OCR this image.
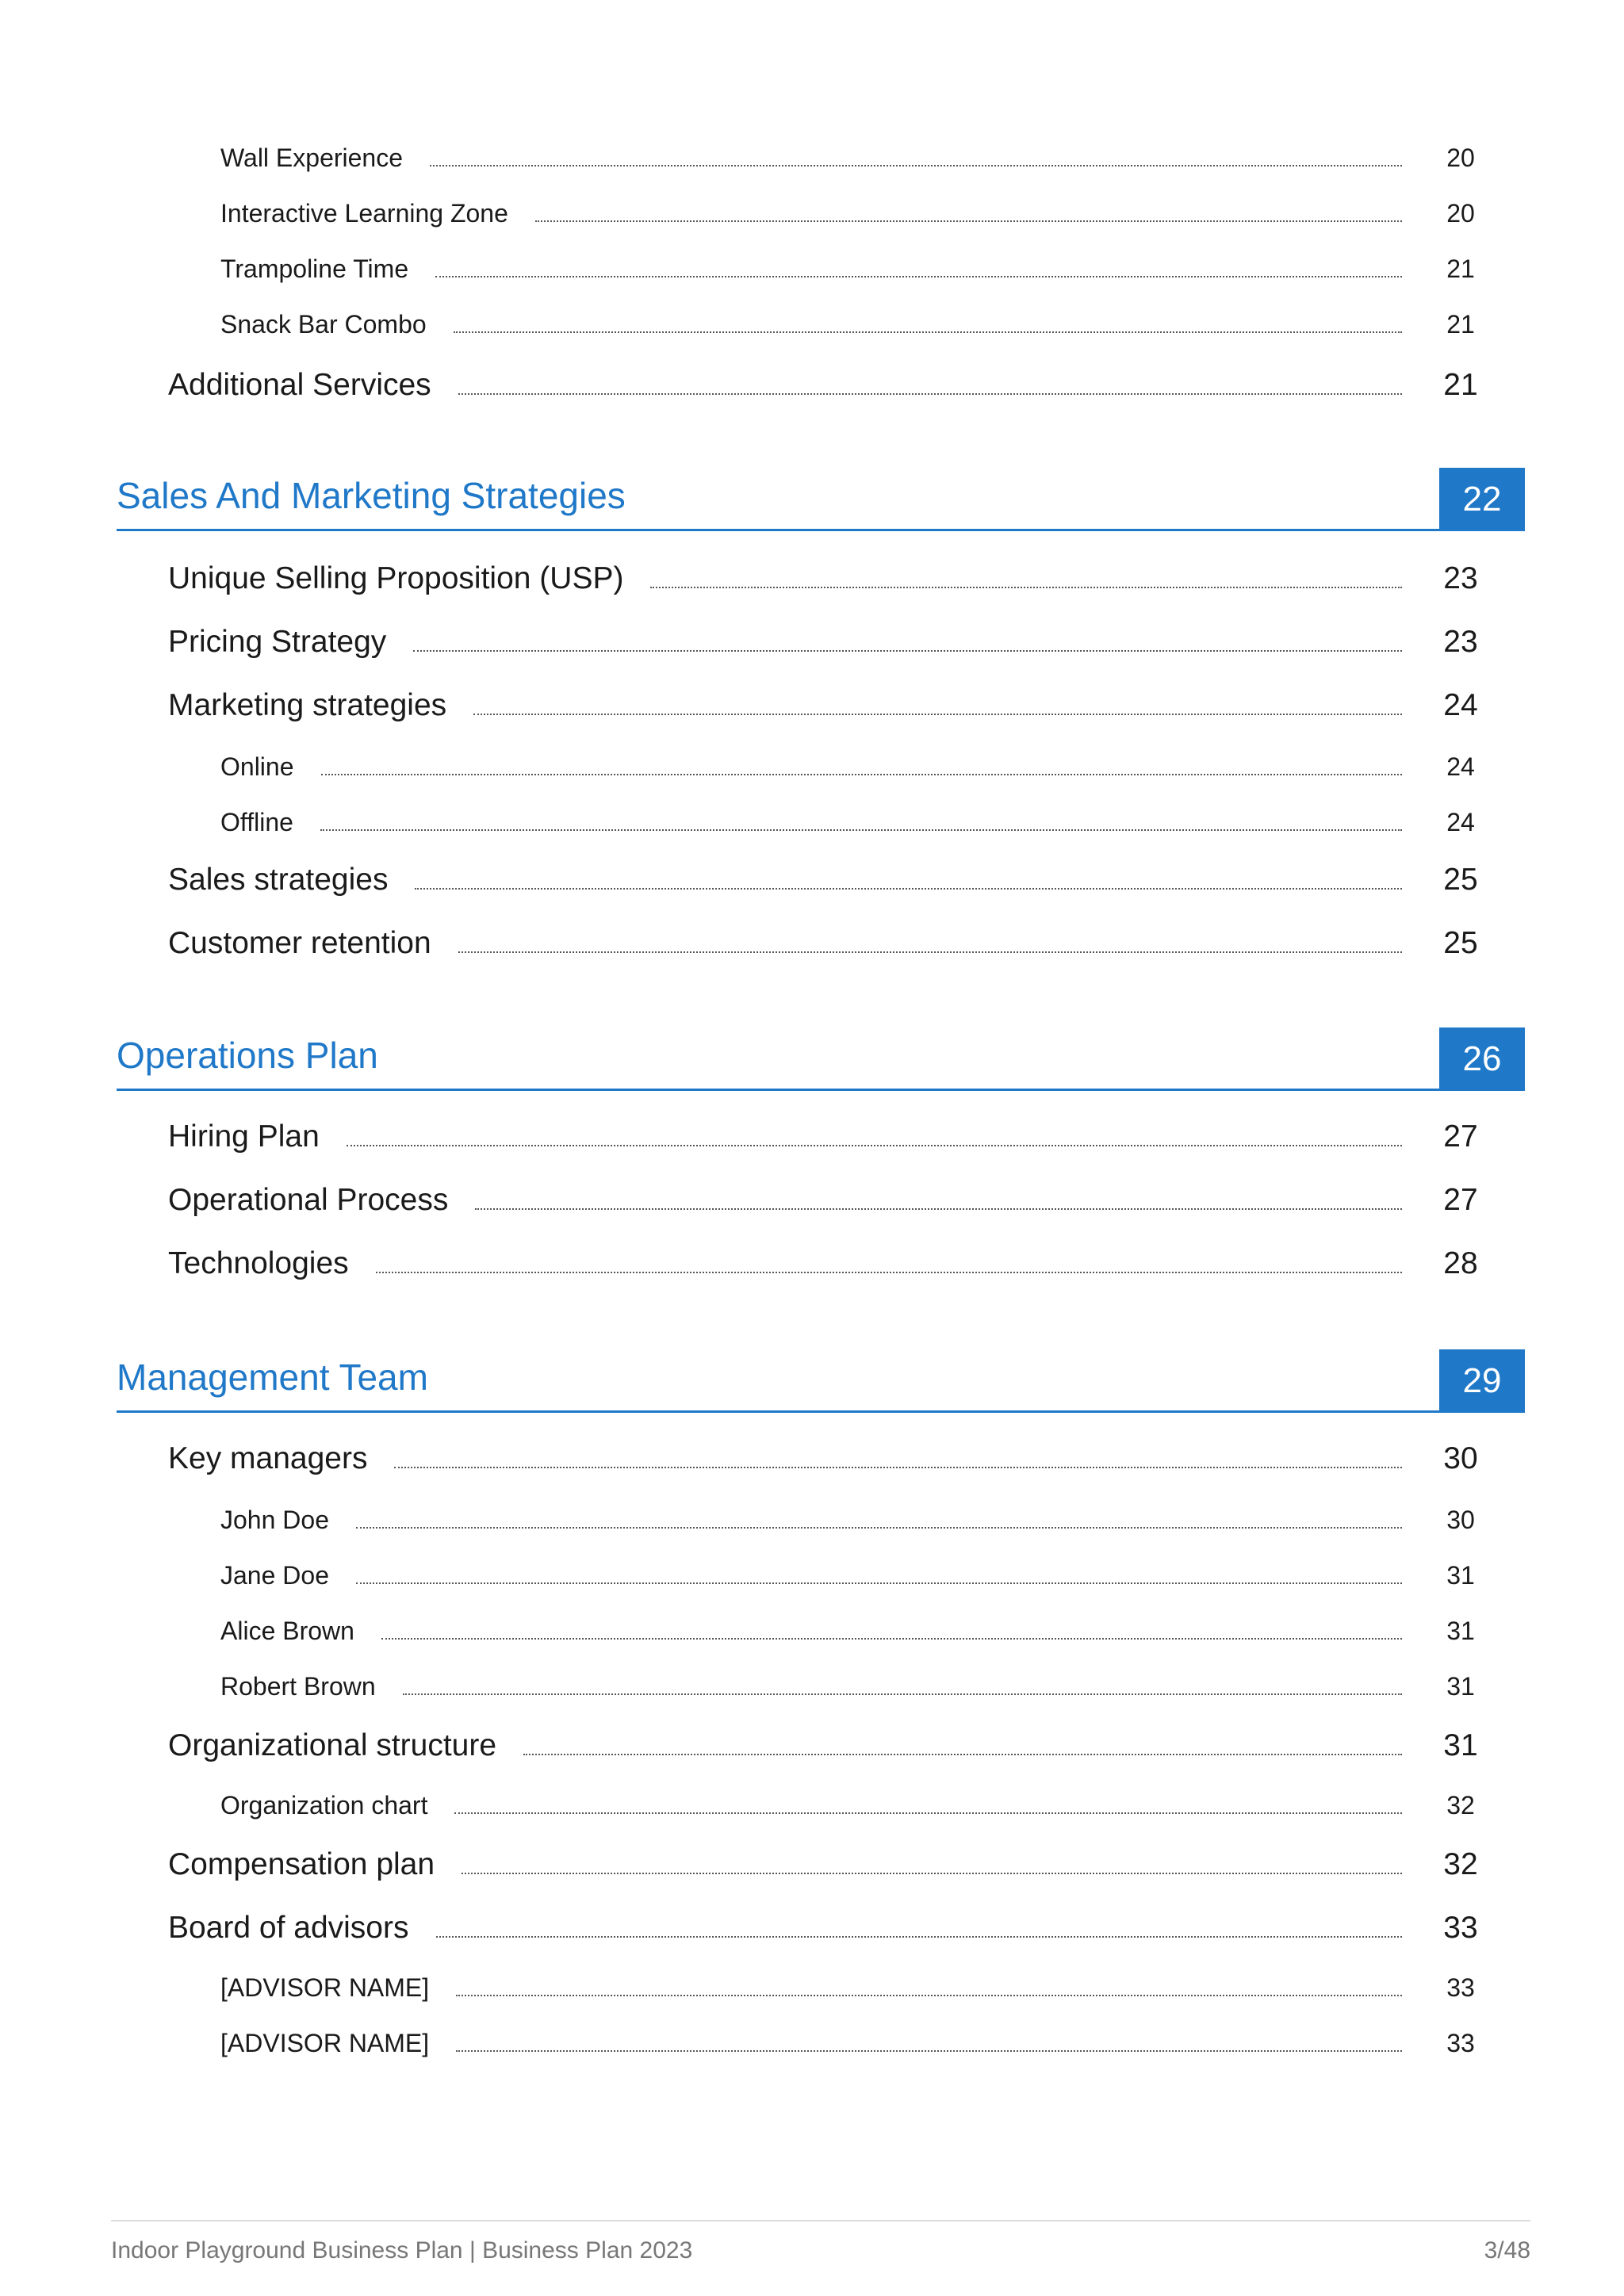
Wall Experience	20
Interactive Learning Zone	20
Trampoline Time	21
Snack Bar Combo	21
Additional Services	21
Sales And Marketing Strategies	22
Unique Selling Proposition (USP)	23
Pricing Strategy	23
Marketing strategies	24
Online	24
Offline	24
Sales strategies	25
Customer retention	25
Operations Plan	26
Hiring Plan	27
Operational Process	27
Technologies	28
Management Team	29
Key managers	30
John Doe	30
Jane Doe	31
Alice Brown	31
Robert Brown	31
Organizational structure	31
Organization chart	32
Compensation plan	32
Board of advisors	33
[ADVISOR NAME]	33
[ADVISOR NAME]	33
Indoor Playground Business Plan | Business Plan 2023	3/48
